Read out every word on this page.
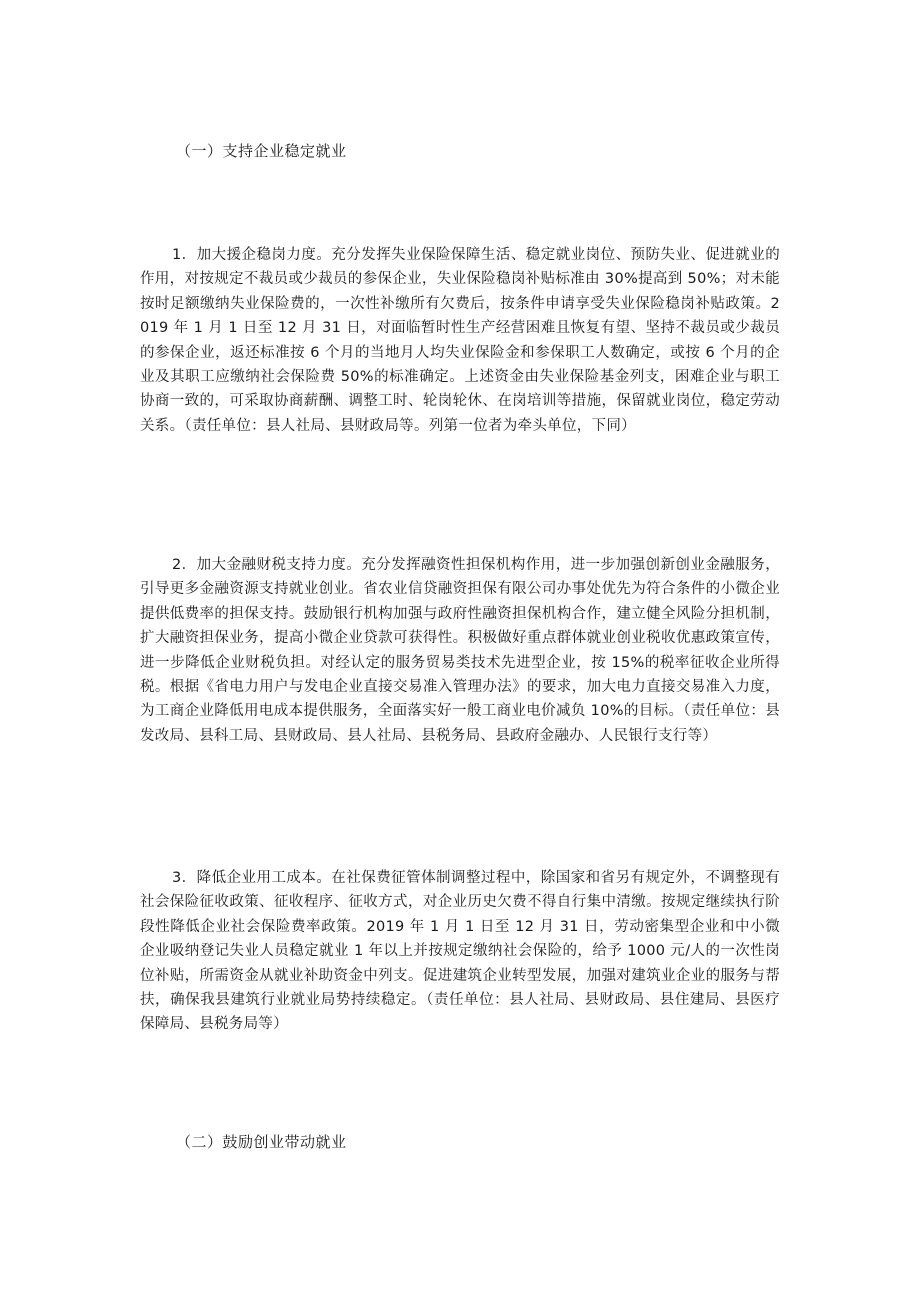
（一）支持企业稳定就业
1．加大援企稳岗力度。充分发挥失业保险保障生活、稳定就业岗位、预防失业、促进就业的作用，对按规定不裁员或少裁员的参保企业，失业保险稳岗补贴标准由 30%提高到 50%；对未能按时足额缴纳失业保险费的，一次性补缴所有欠费后，按条件申请享受失业保险稳岗补贴政策。2019 年 1 月 1 日至 12 月 31 日，对面临暂时性生产经营困难且恢复有望、坚持不裁员或少裁员的参保企业，返还标准按 6 个月的当地月人均失业保险金和参保职工人数确定，或按 6 个月的企业及其职工应缴纳社会保险费 50%的标准确定。上述资金由失业保险基金列支，困难企业与职工协商一致的，可采取协商薪酬、调整工时、轮岗轮休、在岗培训等措施，保留就业岗位，稳定劳动关系。（责任单位：县人社局、县财政局等。列第一位者为牵头单位，下同）
2．加大金融财税支持力度。充分发挥融资性担保机构作用，进一步加强创新创业金融服务，引导更多金融资源支持就业创业。省农业信贷融资担保有限公司办事处优先为符合条件的小微企业提供低费率的担保支持。鼓励银行机构加强与政府性融资担保机构合作，建立健全风险分担机制，扩大融资担保业务，提高小微企业贷款可获得性。积极做好重点群体就业创业税收优惠政策宣传，进一步降低企业财税负担。对经认定的服务贸易类技术先进型企业，按 15%的税率征收企业所得税。根据《省电力用户与发电企业直接交易准入管理办法》的要求，加大电力直接交易准入力度，为工商企业降低用电成本提供服务，全面落实好一般工商业电价减负 10%的目标。（责任单位：县发改局、县科工局、县财政局、县人社局、县税务局、县政府金融办、人民银行支行等）
3．降低企业用工成本。在社保费征管体制调整过程中，除国家和省另有规定外，不调整现有社会保险征收政策、征收程序、征收方式，对企业历史欠费不得自行集中清缴。按规定继续执行阶段性降低企业社会保险费率政策。2019 年 1 月 1 日至 12 月 31 日，劳动密集型企业和中小微企业吸纳登记失业人员稳定就业 1 年以上并按规定缴纳社会保险的，给予 1000 元/人的一次性岗位补贴，所需资金从就业补助资金中列支。促进建筑企业转型发展，加强对建筑业企业的服务与帮扶，确保我县建筑行业就业局势持续稳定。（责任单位：县人社局、县财政局、县住建局、县医疗保障局、县税务局等）
（二）鼓励创业带动就业
